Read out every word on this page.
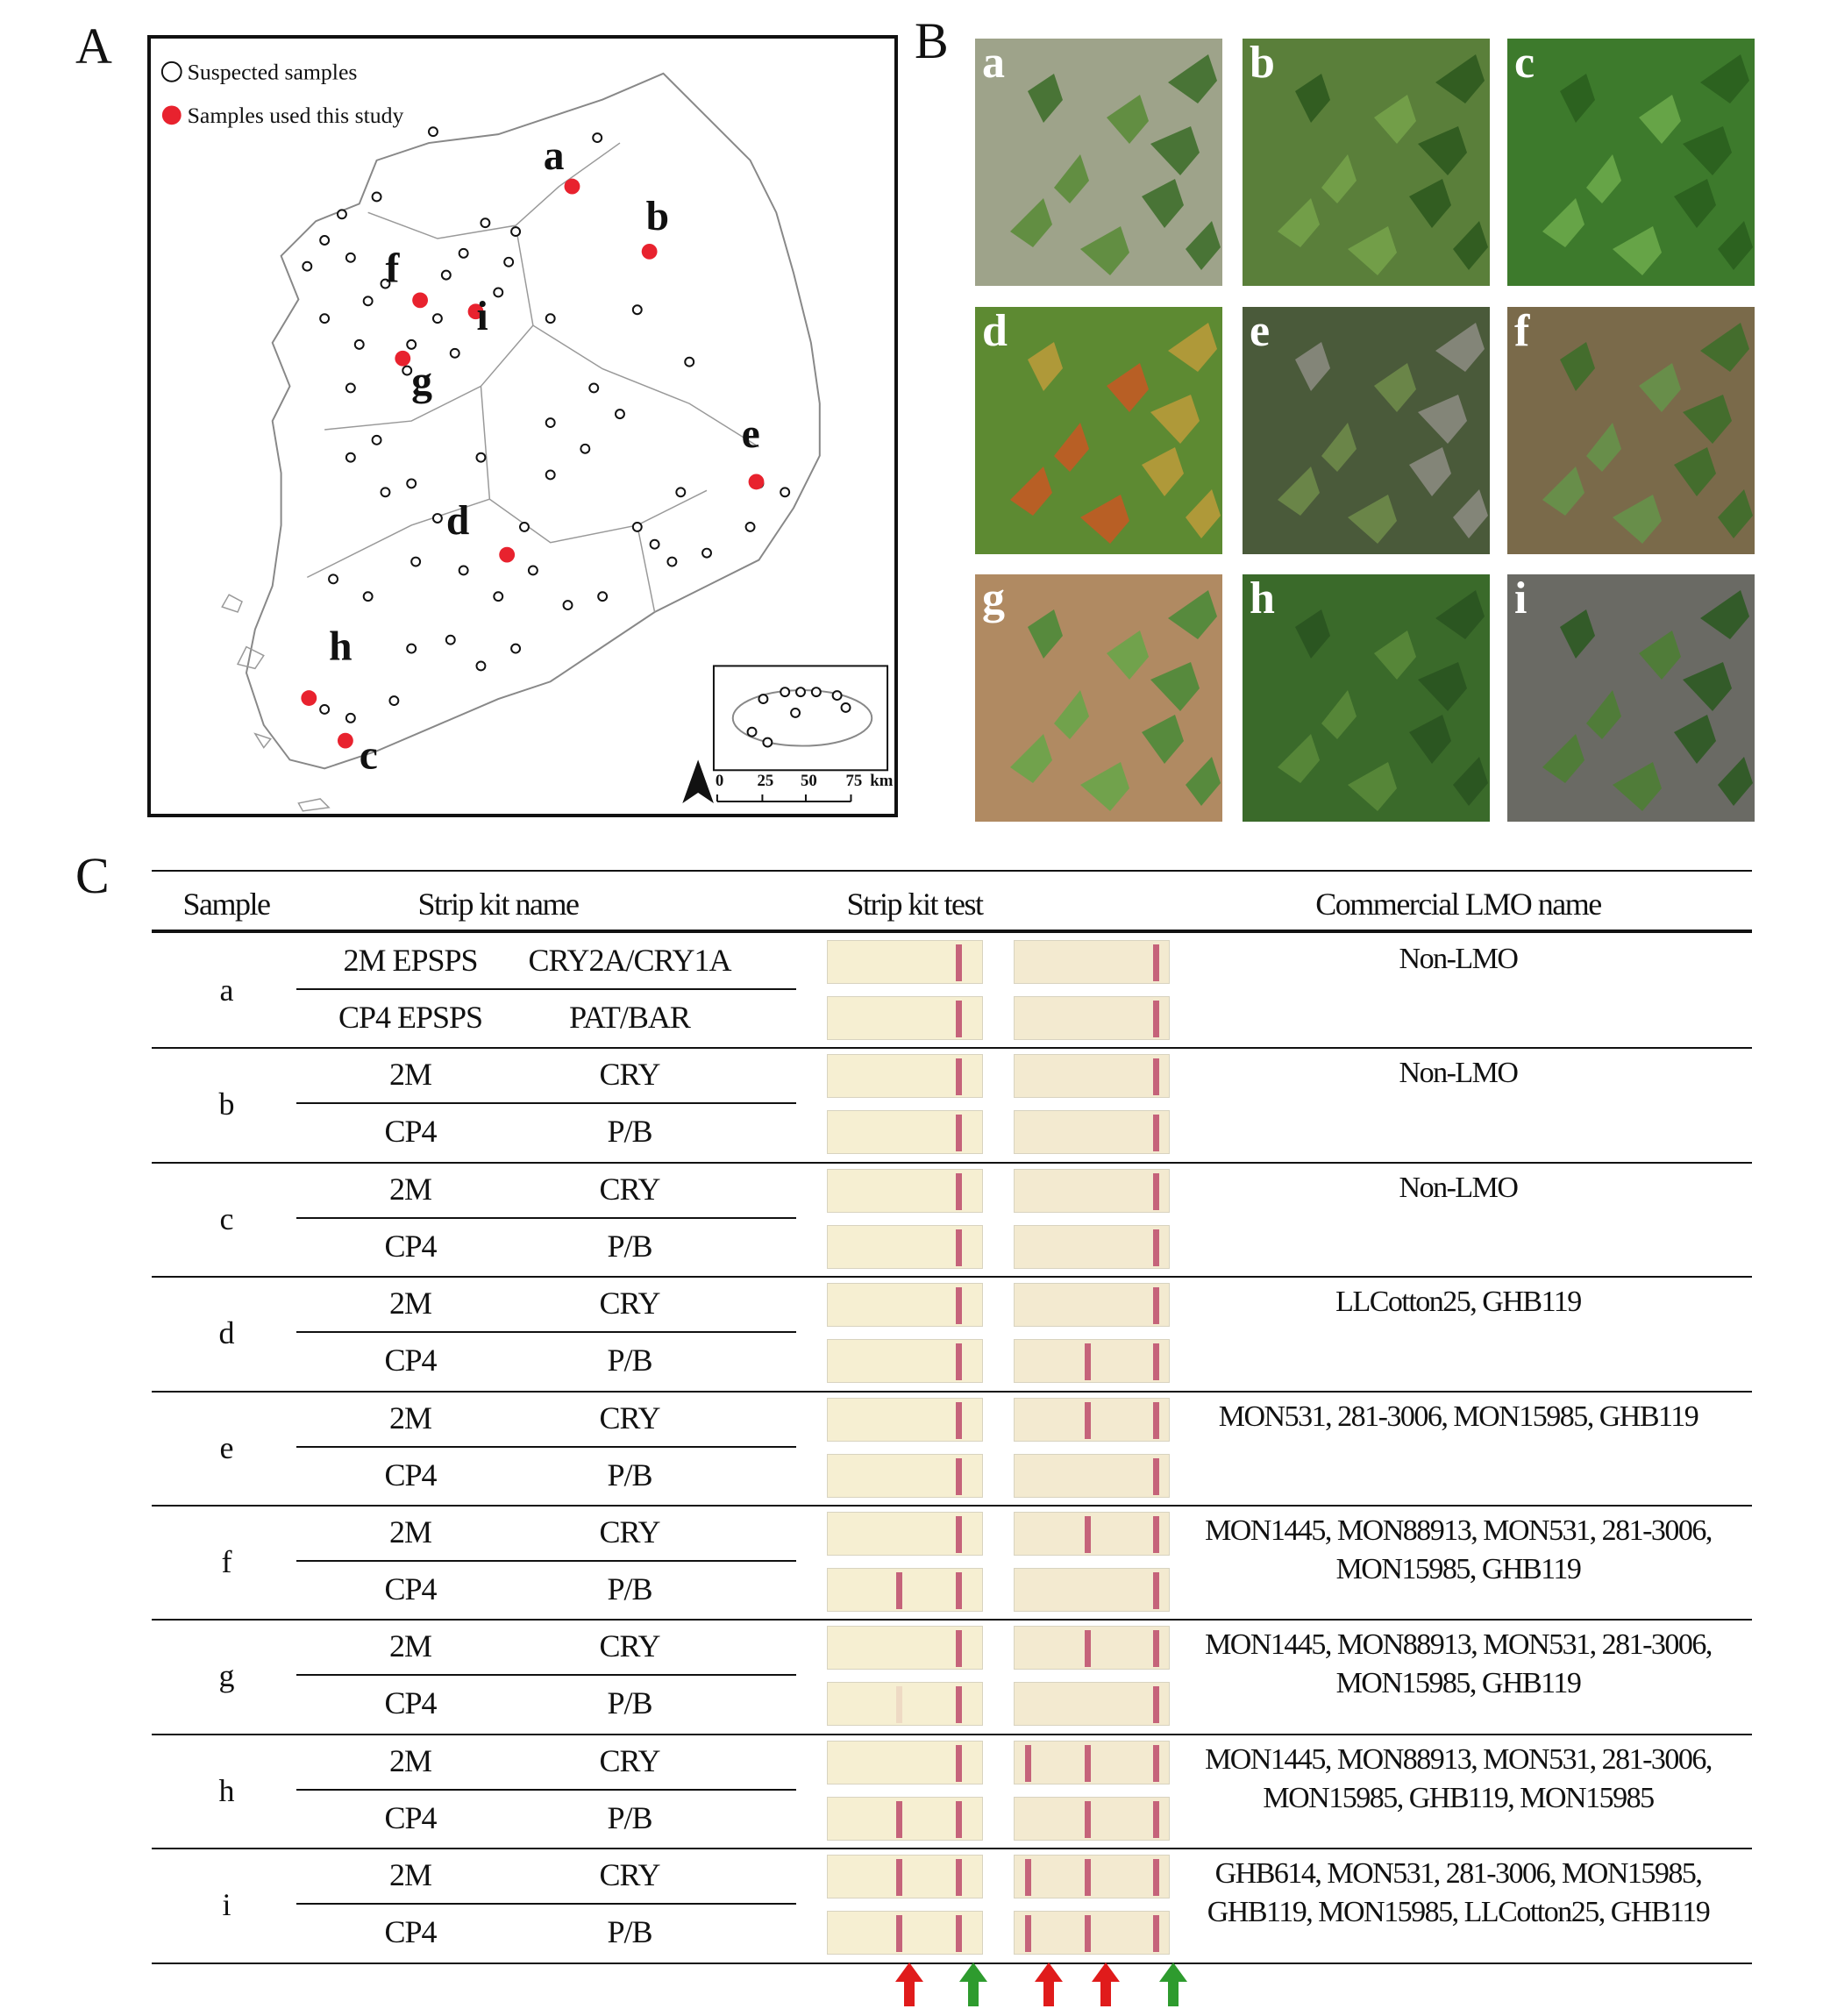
A	B
C
a
b
c
d
e
f
g
h
i
Suspected samples
Samples used this study
0 25 50 75 km
a	b	c
d	e	f
g	h	i
Sample	Strip kit name	Strip kit test	Commercial LMO name
a
2M EPSPS	CRY2A/CRY1A
CP4 EPSPS	PAT/BAR
Non-LMO
b
2M	CRY
CP4	P/B
Non-LMO
c
2M	CRY
CP4	P/B
Non-LMO
d
2M	CRY
CP4	P/B
LLCotton25, GHB119
e
2M	CRY
CP4	P/B
MON531, 281-3006, MON15985, GHB119
f
2M	CRY
CP4	P/B
MON1445, MON88913, MON531, 281-3006,
MON15985, GHB119
g
2M	CRY
CP4	P/B
MON1445, MON88913, MON531, 281-3006,
MON15985, GHB119
h
2M	CRY
CP4	P/B
MON1445, MON88913, MON531, 281-3006,
MON15985, GHB119, MON15985
i
2M	CRY
CP4	P/B
GHB614, MON531, 281-3006, MON15985,
GHB119, MON15985, LLCotton25, GHB119
